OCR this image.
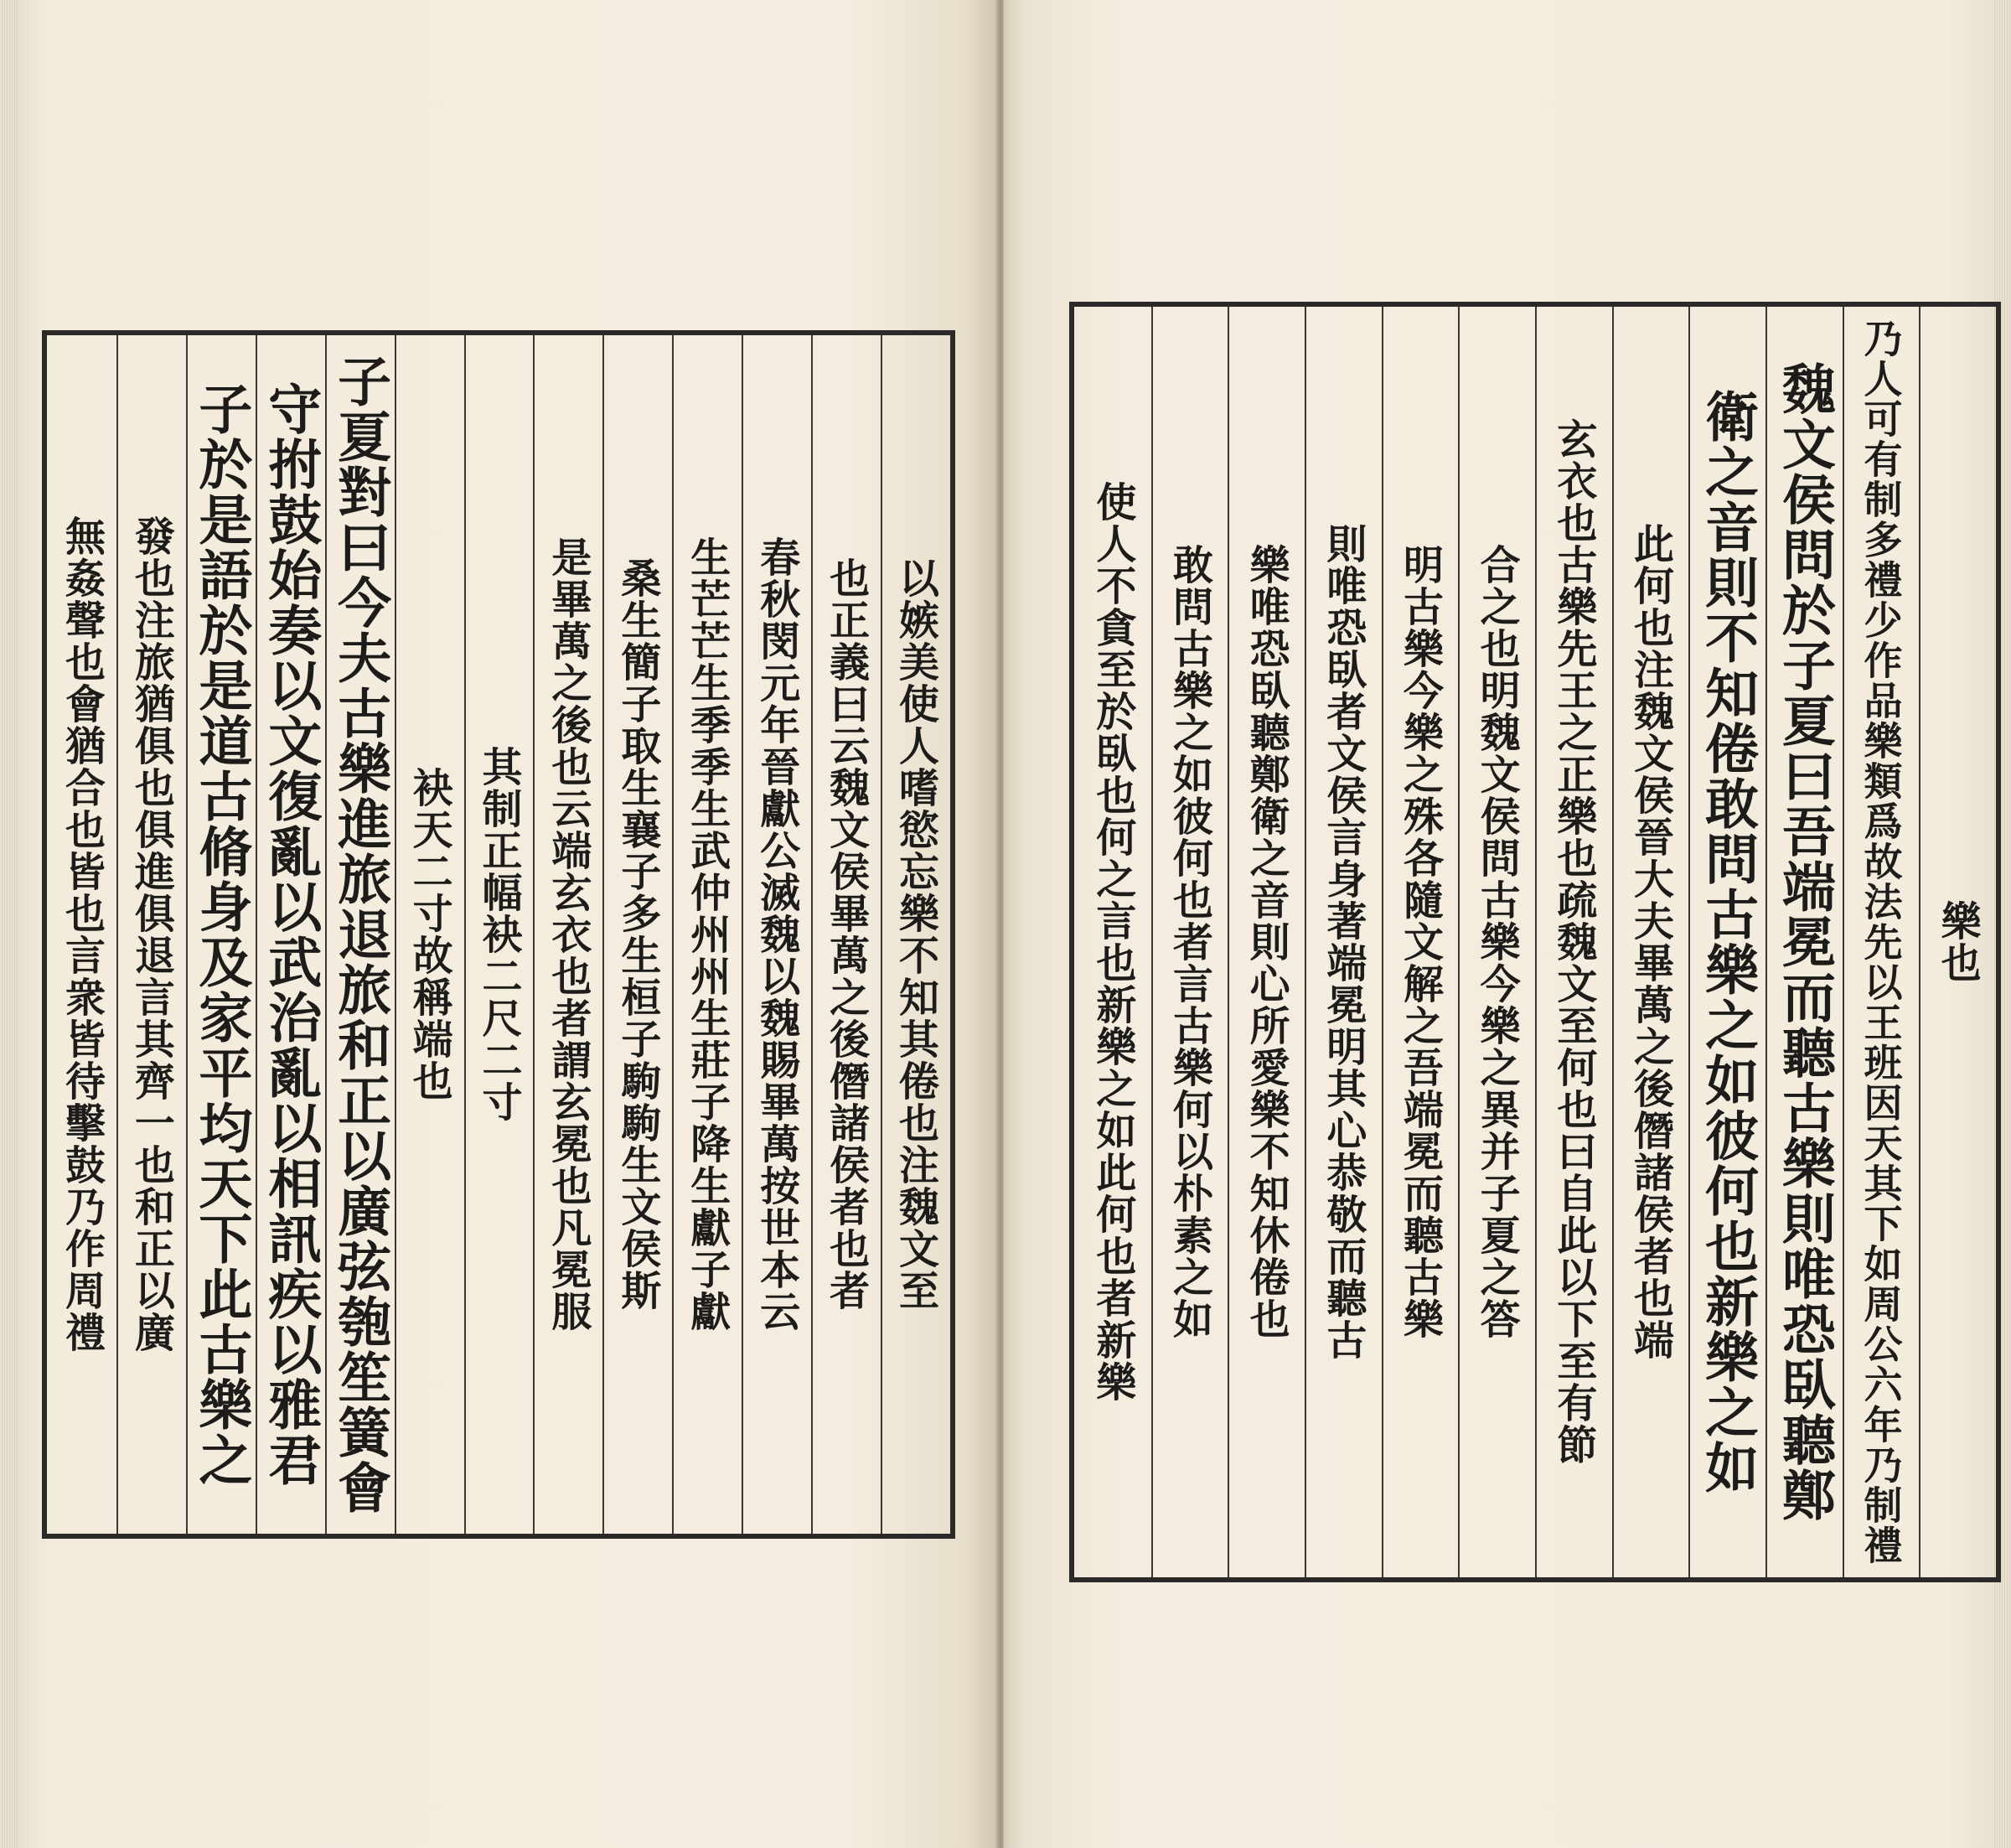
以嫉美使人嗜慾忘樂不知其倦也注魏文至
也正義曰云魏文侯畢萬之後僭諸侯者也者
春秋閔元年晉獻公滅魏以魏賜畢萬按世本云
生芒芒生季季生武仲州州生莊子降生獻子獻
桑生簡子取生襄子多生桓子駒駒生文侯斯
是畢萬之後也云端玄衣也者謂玄冕也凡冕服
其制正幅袂二尺二寸
袂天二寸故稱端也
子夏對曰今夫古樂進旅退旅和正以廣弦匏笙簧會
守拊鼓始奏以文復亂以武治亂以相訊疾以雅君
子於是語於是道古脩身及家平均天下此古樂之
發也注旅猶俱也俱進俱退言其齊一也和正以廣
無姦聲也會猶合也皆也言衆皆待擊鼓乃作周禮	樂也
乃人可有制多禮少作品樂類爲故法先以王班因天其下如周公六年乃制禮
魏文侯問於子夏曰吾端冕而聽古樂則唯恐臥聽鄭
衛之音則不知倦敢問古樂之如彼何也新樂之如
此何也注魏文侯晉大夫畢萬之後僭諸侯者也端
玄衣也古樂先王之正樂也疏魏文至何也曰自此以下至有節
合之也明魏文侯問古樂今樂之異并子夏之答
明古樂今樂之殊各隨文解之吾端冕而聽古樂
則唯恐臥者文侯言身著端冕明其心恭敬而聽古
樂唯恐臥聽鄭衛之音則心所愛樂不知休倦也
敢問古樂之如彼何也者言古樂何以朴素之如
使人不貪至於臥也何之言也新樂之如此何也者新樂
